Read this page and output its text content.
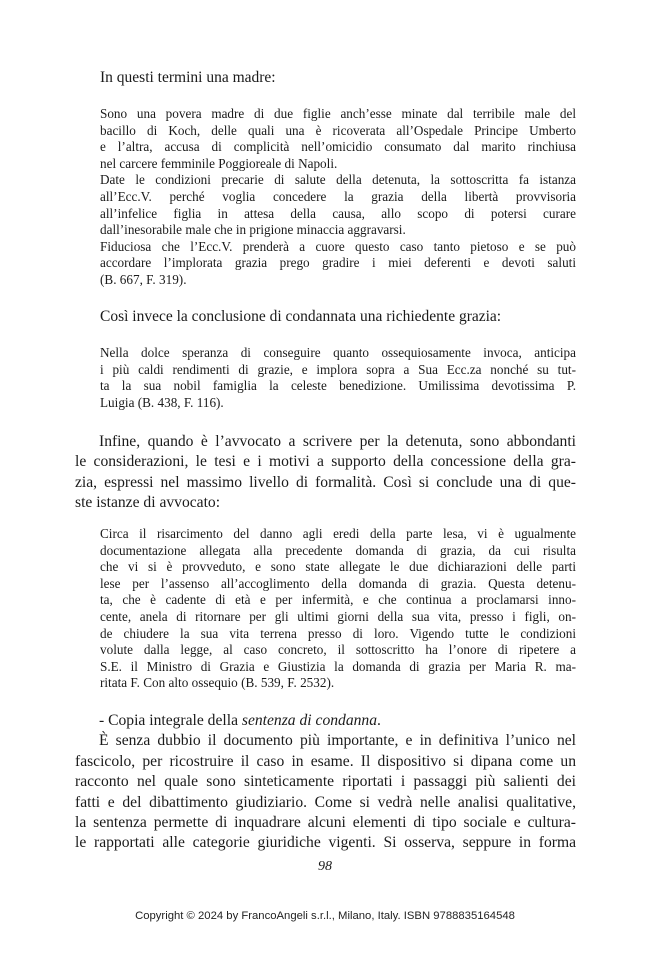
In questi termini una madre:

Sono una povera madre di due figlie anch’esse minate dal terribile male del
bacillo di Koch, delle quali una è ricoverata all’Ospedale Principe Umberto
e l’altra, accusa di complicità nell’omicidio consumato dal marito rinchiusa
nel carcere femminile Poggioreale di Napoli.
Date le condizioni precarie di salute della detenuta, la sottoscritta fa istanza
all’Ecc.V. perché voglia concedere la grazia della libertà provvisoria
all’infelice figlia in attesa della causa, allo scopo di potersi curare
dall’inesorabile male che in prigione minaccia aggravarsi.
Fiduciosa che l’Ecc.V. prenderà a cuore questo caso tanto pietoso e se può
accordare l’implorata grazia prego gradire i miei deferenti e devoti saluti
(B. 667, F. 319).

Così invece la conclusione di condannata una richiedente grazia:

Nella dolce speranza di conseguire quanto ossequiosamente invoca, anticipa
i più caldi rendimenti di grazie, e implora sopra a Sua Ecc.za nonché su tut-
ta la sua nobil famiglia la celeste benedizione. Umilissima devotissima P.
Luigia (B. 438, F. 116).
Infine, quando è l’avvocato a scrivere per la detenuta, sono abbondanti
le considerazioni, le tesi e i motivi a supporto della concessione della gra-
zia, espressi nel massimo livello di formalità. Così si conclude una di que-
ste istanze di avvocato:
Circa il risarcimento del danno agli eredi della parte lesa, vi è ugualmente
documentazione allegata alla precedente domanda di grazia, da cui risulta
che vi si è provveduto, e sono state allegate le due dichiarazioni delle parti
lese per l’assenso all’accoglimento della domanda di grazia. Questa detenu-
ta, che è cadente di età e per infermità, e che continua a proclamarsi inno-
cente, anela di ritornare per gli ultimi giorni della sua vita, presso i figli, on-
de chiudere la sua vita terrena presso di loro. Vigendo tutte le condizioni
volute dalla legge, al caso concreto, il sottoscritto ha l’onore di ripetere a
S.E. il Ministro di Grazia e Giustizia la domanda di grazia per Maria R. ma-
ritata F. Con alto ossequio (B. 539, F. 2532).
- Copia integrale della sentenza di condanna.
È senza dubbio il documento più importante, e in definitiva l’unico nel
fascicolo, per ricostruire il caso in esame. Il dispositivo si dipana come un
racconto nel quale sono sinteticamente riportati i passaggi più salienti dei
fatti e del dibattimento giudiziario. Come si vedrà nelle analisi qualitative,
la sentenza permette di inquadrare alcuni elementi di tipo sociale e cultura-
le rapportati alle categorie giuridiche vigenti. Si osserva, seppure in forma
98
Copyright © 2024 by FrancoAngeli s.r.l., Milano, Italy. ISBN 9788835164548
